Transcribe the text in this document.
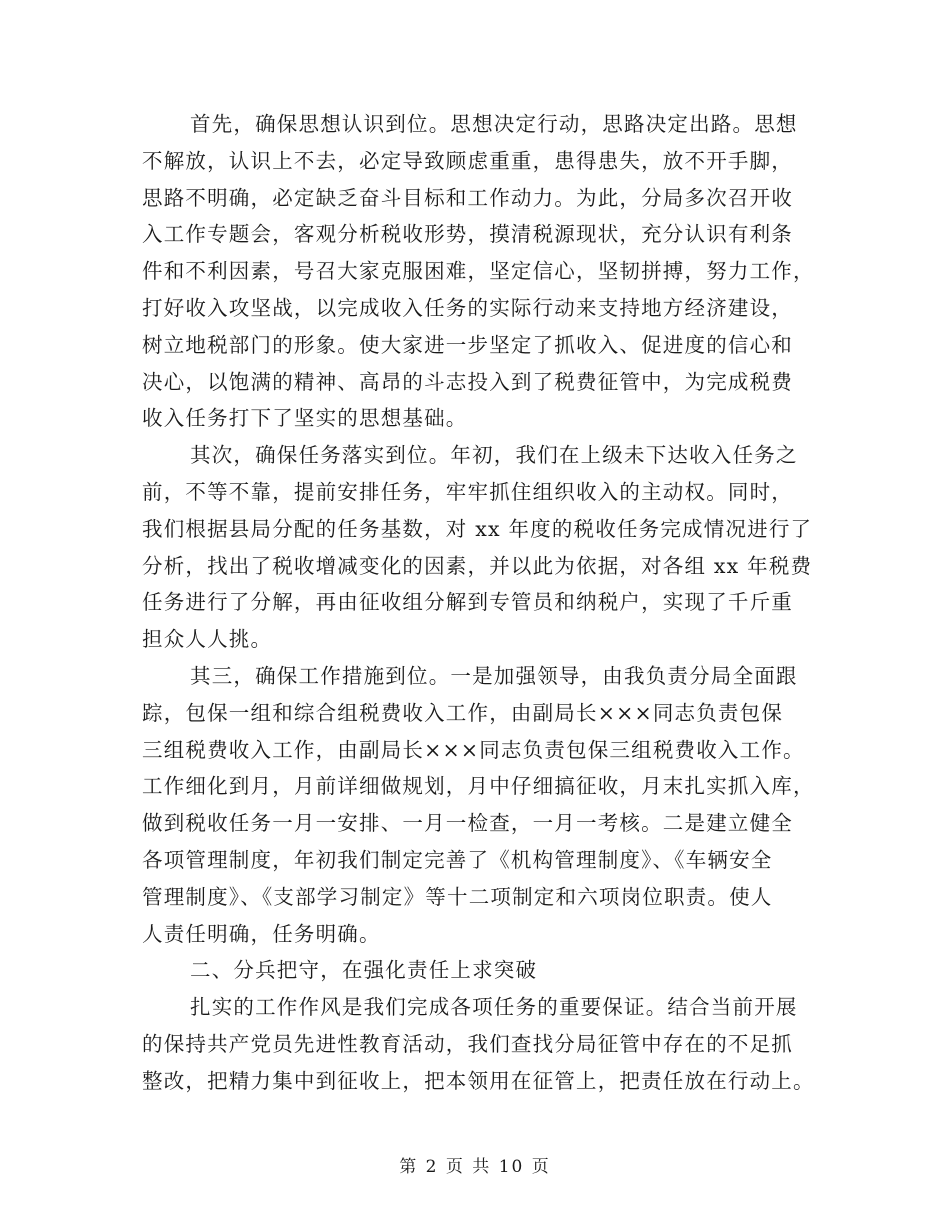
首先，确保思想认识到位。思想决定行动，思路决定出路。思想
不解放，认识上不去，必定导致顾虑重重，患得患失，放不开手脚，
思路不明确，必定缺乏奋斗目标和工作动力。为此，分局多次召开收
入工作专题会，客观分析税收形势，摸清税源现状，充分认识有利条
件和不利因素，号召大家克服困难，坚定信心，坚韧拼搏，努力工作，
打好收入攻坚战，以完成收入任务的实际行动来支持地方经济建设，
树立地税部门的形象。使大家进一步坚定了抓收入、促进度的信心和
决心，以饱满的精神、高昂的斗志投入到了税费征管中，为完成税费
收入任务打下了坚实的思想基础。
其次，确保任务落实到位。年初，我们在上级未下达收入任务之
前，不等不靠，提前安排任务，牢牢抓住组织收入的主动权。同时，
我们根据县局分配的任务基数，对 xx 年度的税收任务完成情况进行了
分析，找出了税收增减变化的因素，并以此为依据，对各组 xx 年税费
任务进行了分解，再由征收组分解到专管员和纳税户，实现了千斤重
担众人人挑。
其三，确保工作措施到位。一是加强领导，由我负责分局全面跟
踪，包保一组和综合组税费收入工作，由副局长×××同志负责包保
三组税费收入工作，由副局长×××同志负责包保三组税费收入工作。
工作细化到月，月前详细做规划，月中仔细搞征收，月末扎实抓入库，
做到税收任务一月一安排、一月一检查，一月一考核。二是建立健全
各项管理制度，年初我们制定完善了《机构管理制度》、《车辆安全
管理制度》、《支部学习制定》等十二项制定和六项岗位职责。使人
人责任明确，任务明确。
二、分兵把守，在强化责任上求突破
扎实的工作作风是我们完成各项任务的重要保证。结合当前开展
的保持共产党员先进性教育活动，我们查找分局征管中存在的不足抓
整改，把精力集中到征收上，把本领用在征管上，把责任放在行动上。
第 2 页 共 10 页
